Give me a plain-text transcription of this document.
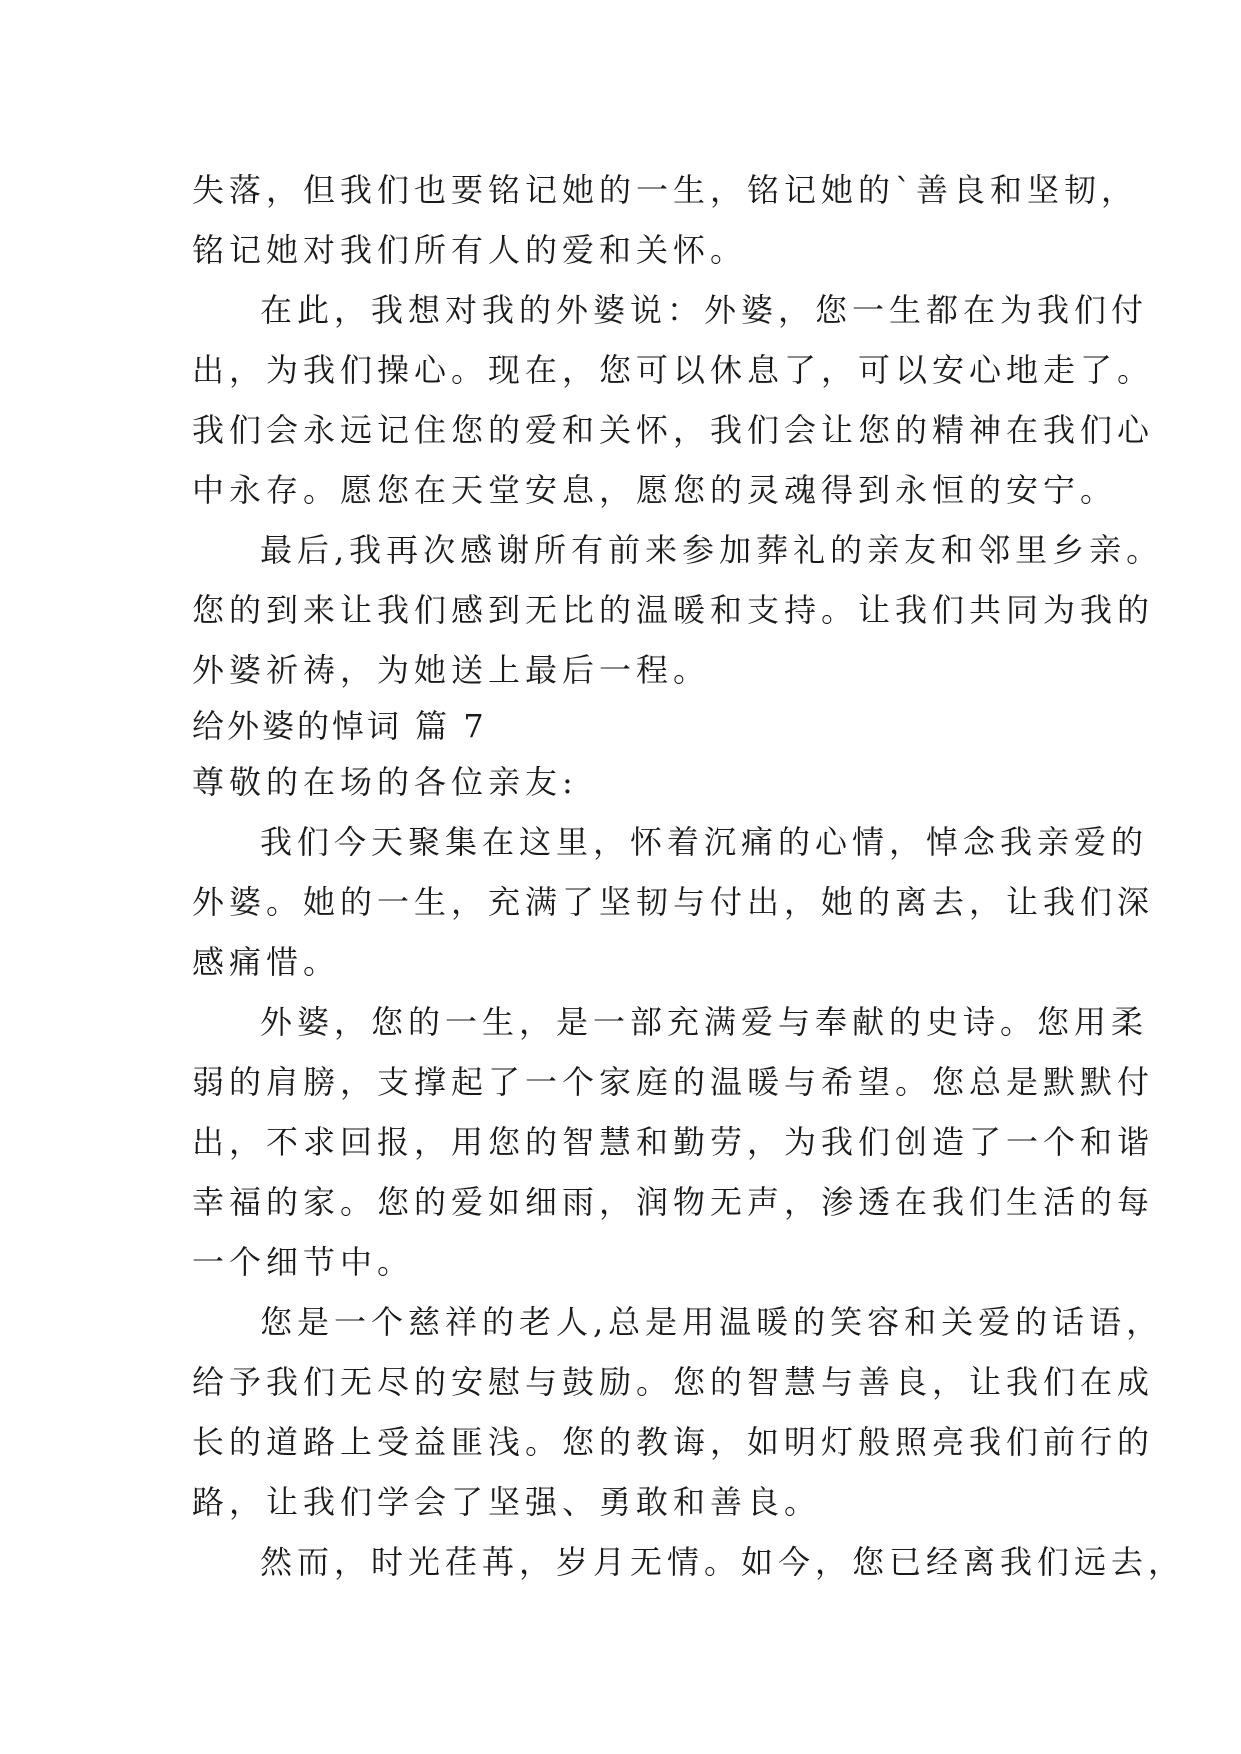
失落，但我们也要铭记她的一生，铭记她的`善良和坚韧，
铭记她对我们所有人的爱和关怀。
在此，我想对我的外婆说：外婆，您一生都在为我们付
出，为我们操心。现在，您可以休息了，可以安心地走了。
我们会永远记住您的爱和关怀，我们会让您的精神在我们心
中永存。愿您在天堂安息，愿您的灵魂得到永恒的安宁。
最后,我再次感谢所有前来参加葬礼的亲友和邻里乡亲。
您的到来让我们感到无比的温暖和支持。让我们共同为我的
外婆祈祷，为她送上最后一程。
给外婆的悼词 篇 7
尊敬的在场的各位亲友:
我们今天聚集在这里，怀着沉痛的心情，悼念我亲爱的
外婆。她的一生，充满了坚韧与付出，她的离去，让我们深
感痛惜。
外婆，您的一生，是一部充满爱与奉献的史诗。您用柔
弱的肩膀，支撑起了一个家庭的温暖与希望。您总是默默付
出，不求回报，用您的智慧和勤劳，为我们创造了一个和谐
幸福的家。您的爱如细雨，润物无声，渗透在我们生活的每
一个细节中。
您是一个慈祥的老人,总是用温暖的笑容和关爱的话语，
给予我们无尽的安慰与鼓励。您的智慧与善良，让我们在成
长的道路上受益匪浅。您的教诲，如明灯般照亮我们前行的
路，让我们学会了坚强、勇敢和善良。
然而，时光荏苒，岁月无情。如今，您已经离我们远去，
